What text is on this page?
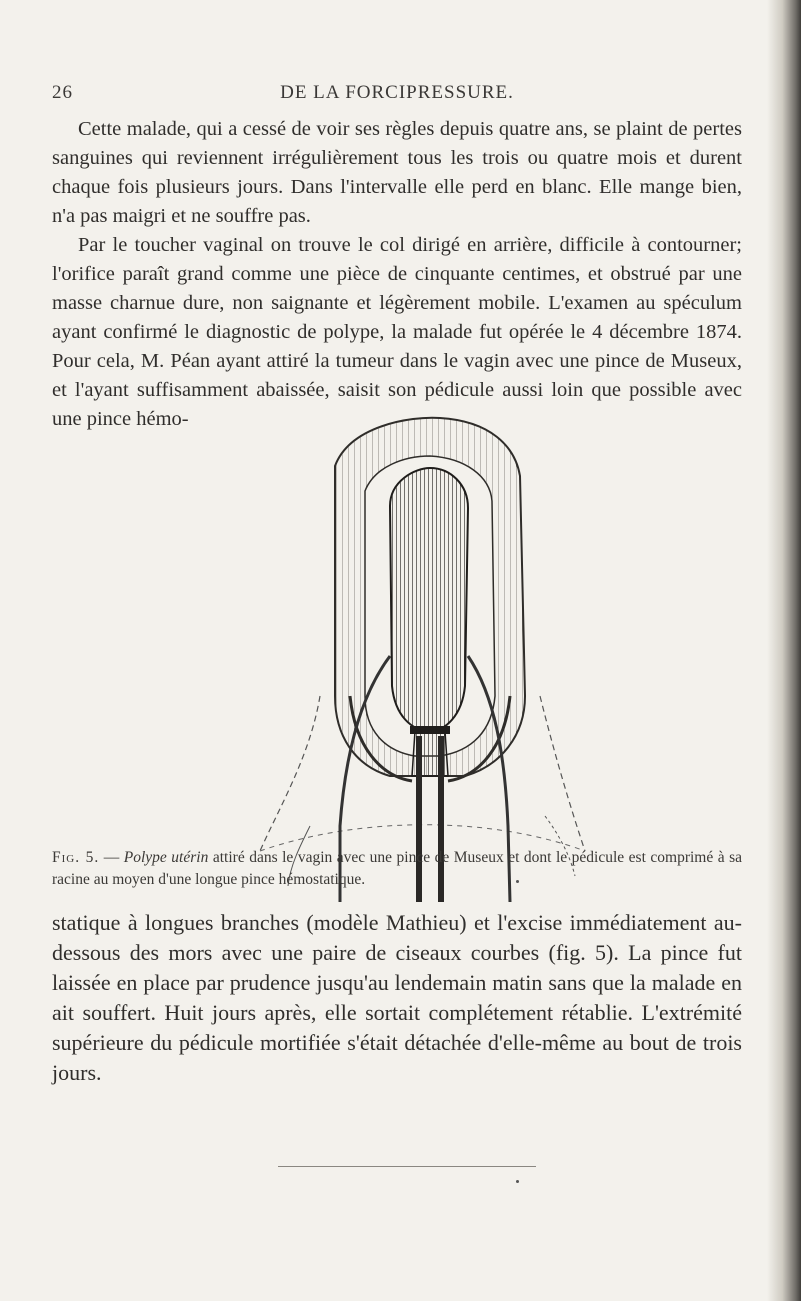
26	DE LA FORCIPRESSURE.

Cette malade, qui a cessé de voir ses règles depuis quatre ans, se plaint de pertes sanguines qui reviennent irrégulièrement tous les trois ou quatre mois et durent chaque fois plusieurs jours. Dans l'intervalle elle perd en blanc. Elle mange bien, n'a pas maigri et ne souffre pas.

Par le toucher vaginal on trouve le col dirigé en arrière, difficile à contourner; l'orifice paraît grand comme une pièce de cinquante centimes, et obstrué par une masse charnue dure, non saignante et légèrement mobile. L'examen au spéculum ayant confirmé le diagnostic de polype, la malade fut opérée le 4 décembre 1874. Pour cela, M. Péan ayant attiré la tumeur dans le vagin avec une pince de Museux, et l'ayant suffisamment abaissée, saisit son pédicule aussi loin que possible avec une pince hémo-

Fig. 5. — Polype utérin attiré dans le vagin avec une pince de Museux et dont le pédicule est comprimé à sa racine au moyen d'une longue pince hémostatique.

statique à longues branches (modèle Mathieu) et l'excise immédiatement au-dessous des mors avec une paire de ciseaux courbes (fig. 5). La pince fut laissée en place par prudence jusqu'au lendemain matin sans que la malade en ait souffert. Huit jours après, elle sortait complétement rétablie. L'extrémité supérieure du pédicule mortifiée s'était détachée d'elle-même au bout de trois jours.
